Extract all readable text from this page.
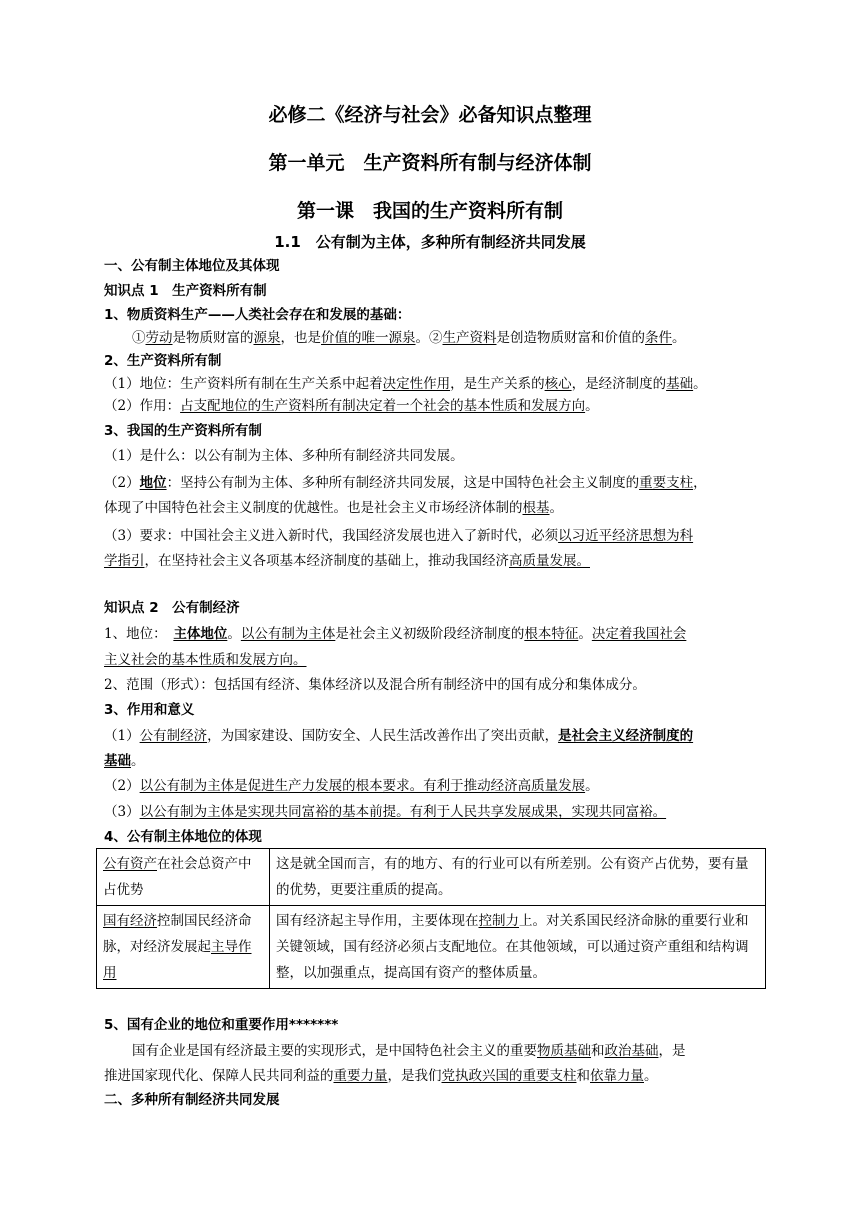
必修二《经济与社会》必备知识点整理
第一单元　生产资料所有制与经济体制
第一课　我国的生产资料所有制
1.1　公有制为主体，多种所有制经济共同发展
一、公有制主体地位及其体现
知识点 1　生产资料所有制
1、物质资料生产——人类社会存在和发展的基础：
①劳动是物质财富的源泉，也是价值的唯一源泉。②生产资料是创造物质财富和价值的条件。
2、生产资料所有制
（1）地位：生产资料所有制在生产关系中起着决定性作用，是生产关系的核心，是经济制度的基础。
（2）作用：占支配地位的生产资料所有制决定着一个社会的基本性质和发展方向。
3、我国的生产资料所有制
（1）是什么：以公有制为主体、多种所有制经济共同发展。
（2）地位：坚持公有制为主体、多种所有制经济共同发展，这是中国特色社会主义制度的重要支柱，
体现了中国特色社会主义制度的优越性。也是社会主义市场经济体制的根基。
（3）要求：中国社会主义进入新时代，我国经济发展也进入了新时代，必须以习近平经济思想为科
学指引，在坚持社会主义各项基本经济制度的基础上，推动我国经济高质量发展。
知识点 2　公有制经济
1、地位：　主体地位。以公有制为主体是社会主义初级阶段经济制度的根本特征。决定着我国社会
主义社会的基本性质和发展方向。
2、范围（形式）：包括国有经济、集体经济以及混合所有制经济中的国有成分和集体成分。
3、作用和意义
（1）公有制经济，为国家建设、国防安全、人民生活改善作出了突出贡献，是社会主义经济制度的
基础。
（2）以公有制为主体是促进生产力发展的根本要求。有利于推动经济高质量发展。
（3）以公有制为主体是实现共同富裕的基本前提。有利于人民共享发展成果，实现共同富裕。
4、公有制主体地位的体现
公有资产在社会总资产中占优势	这是就全国而言，有的地方、有的行业可以有所差别。公有资产占优势，要有量的优势，更要注重质的提高。
国有经济控制国民经济命脉，对经济发展起主导作用	国有经济起主导作用，主要体现在控制力上。对关系国民经济命脉的重要行业和关键领域，国有经济必须占支配地位。在其他领域，可以通过资产重组和结构调整，以加强重点，提高国有资产的整体质量。
5、国有企业的地位和重要作用*******
国有企业是国有经济最主要的实现形式，是中国特色社会主义的重要物质基础和政治基础，是
推进国家现代化、保障人民共同利益的重要力量，是我们党执政兴国的重要支柱和依靠力量。
二、多种所有制经济共同发展
